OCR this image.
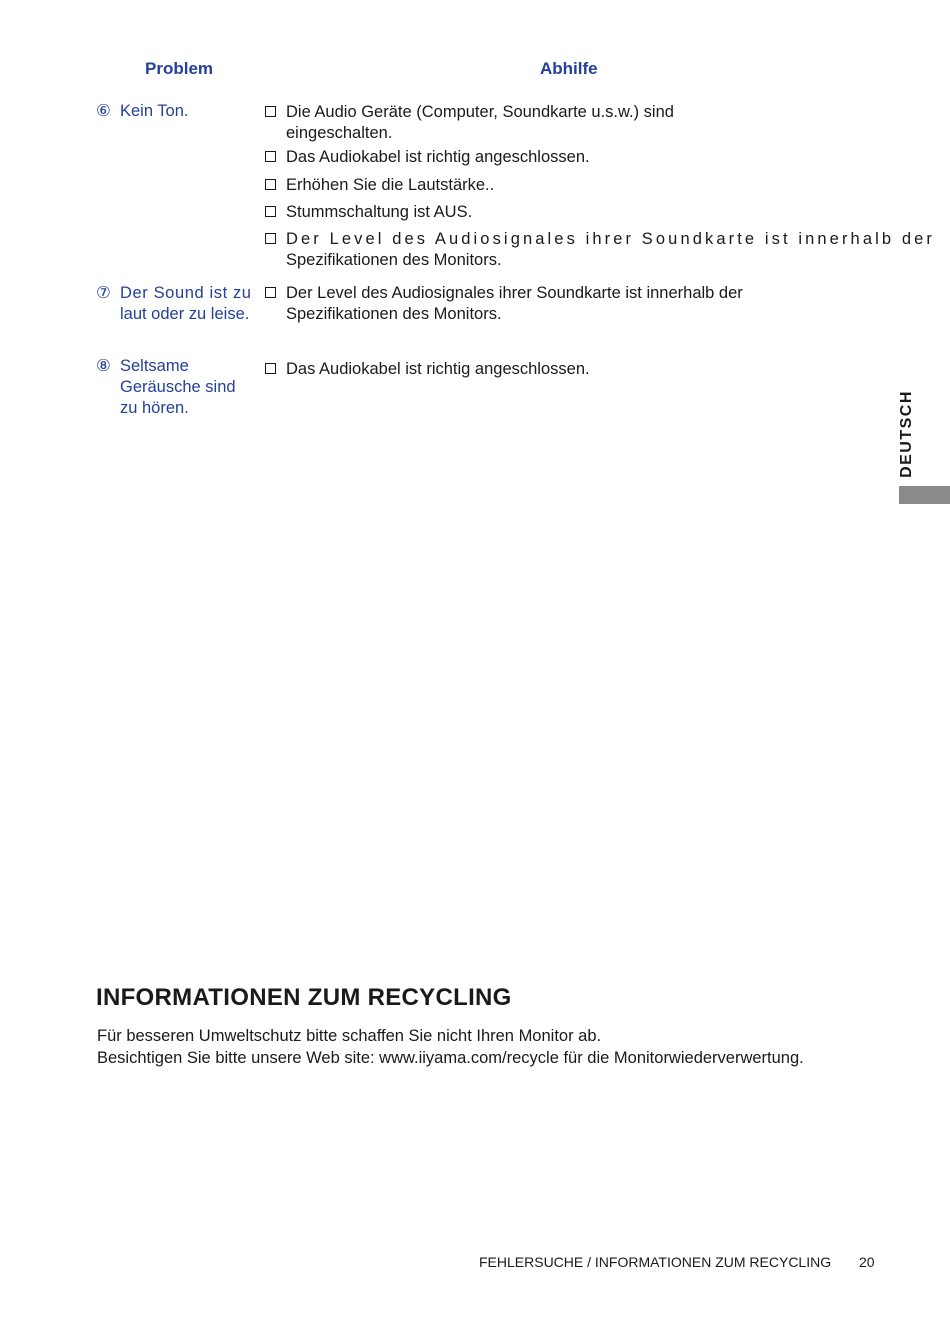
Problem	Abhilfe
⑥ Kein Ton.	Die Audio Geräte (Computer, Soundkarte u.s.w.) sind
eingeschalten.
Das Audiokabel ist richtig angeschlossen.
Erhöhen Sie die Lautstärke..
Stummschaltung ist AUS.
Der Level des Audiosignales ihrer Soundkarte ist innerhalb der
Spezifikationen des Monitors.
⑦ Der Sound ist zu
laut oder zu leise.
Der Level des Audiosignales ihrer Soundkarte ist innerhalb der
Spezifikationen des Monitors.
⑧ Seltsame
Geräusche sind
zu hören.
Das Audiokabel ist richtig angeschlossen.
DEUTSCH
INFORMATIONEN ZUM RECYCLING
Für besseren Umweltschutz bitte schaffen Sie nicht Ihren Monitor ab.
Besichtigen Sie bitte unsere Web site: www.iiyama.com/recycle für die Monitorwiederverwertung.
FEHLERSUCHE / INFORMATIONEN ZUM RECYCLING 20
